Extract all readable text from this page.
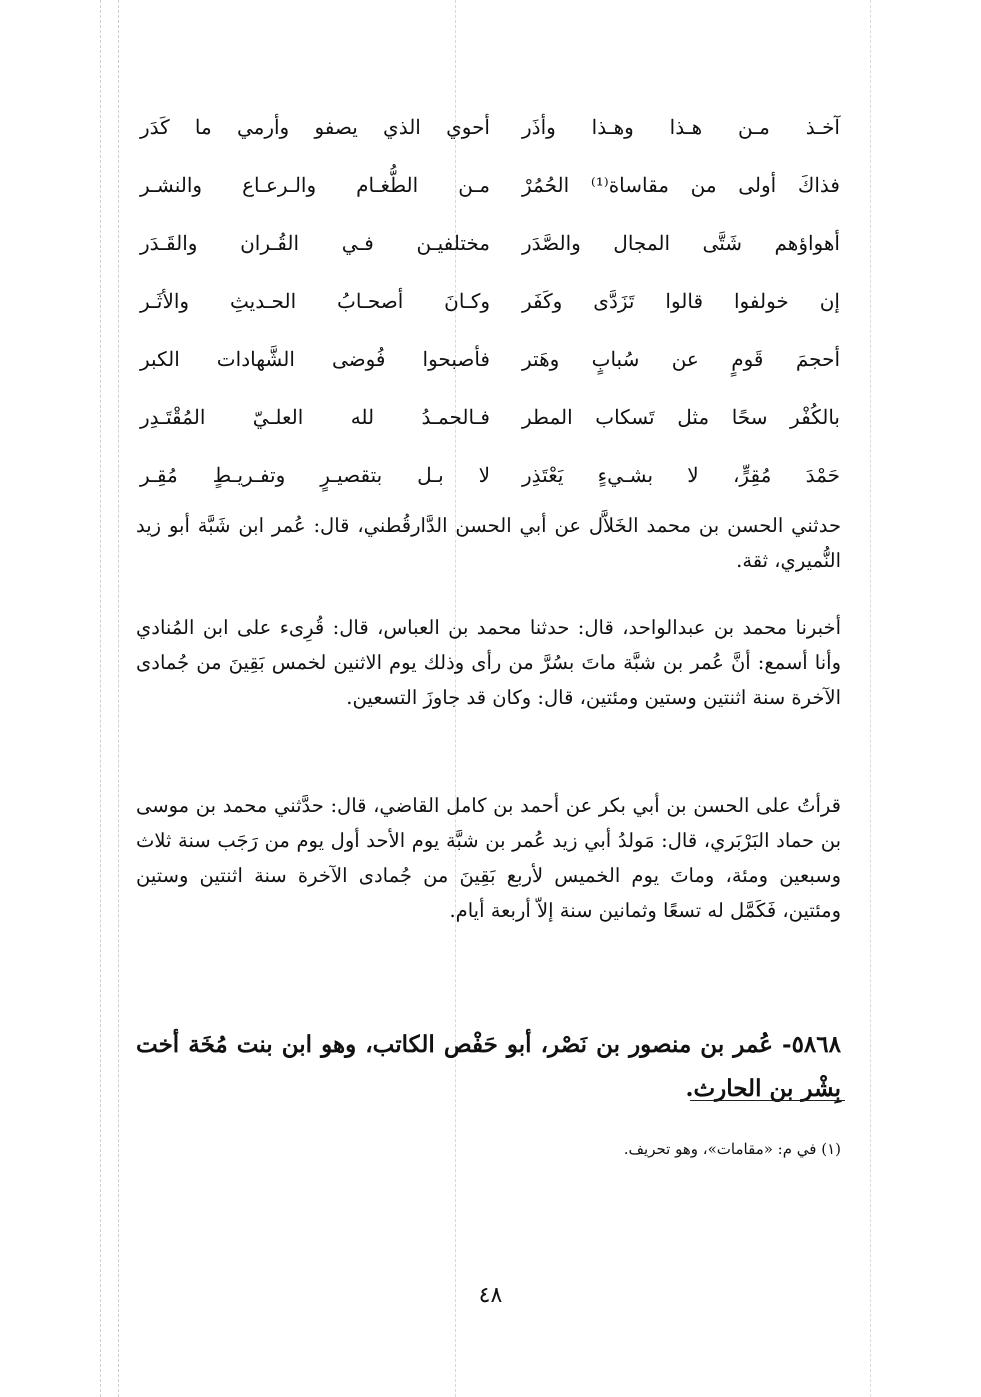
آخـذ مـن هـذا وهـذا وأذَر
أحوي الذي يصفو وأرمي ما كَدَر
فذاكَ أولى من مقاساة⁽¹⁾ الحُمُرْ
مـن الطُّغـام والـرعـاع والنشـر
أهواؤهم شَتَّى المجال والصَّدَر
مختلفيـن فـي القُـران والقَـدَر
إن خولفوا قالوا تَزَدَّى وكَفَر
وكـانَ أصحـابُ الحـديثِ والأثَـر
أحجمَ قَومٍ عن سُبابٍ وهَتر
فأصبحوا فُوضى الشَّهادات الكبر
بالكُفْر سحًا مثل تَسكاب المطر
فـالحمـدُ لله العلـيّ المُقْتَـدِر
حَمْدَ مُقِرٍّ، لا بشـيءٍ يَعْتَذِر
لا بـل بتقصيـرٍ وتفـريـطٍ مُقِـر

حدثني الحسن بن محمد الخَلاَّل عن أبي الحسن الدَّارقُطني، قال: عُمر ابن شَبَّة أبو زيد النُّميري، ثقة.

أخبرنا محمد بن عبدالواحد، قال: حدثنا محمد بن العباس، قال: قُرِىء على ابن المُنادي وأنا أسمع: أنَّ عُمر بن شبَّة ماتَ بسُرَّ من رأى وذلك يوم الاثنين لخمس بَقِينَ من جُمادى الآخرة سنة اثنتين وستين ومئتين، قال: وكان قد جاوزَ التسعين.

قرأتُ على الحسن بن أبي بكر عن أحمد بن كامل القاضي، قال: حدَّثني محمد بن موسى بن حماد البَرْبَري، قال: مَولدُ أبي زيد عُمر بن شبَّة يوم الأحد أول يوم من رَجَب سنة ثلاث وسبعين ومئة، وماتَ يوم الخميس لأربع بَقِينَ من جُمادى الآخرة سنة اثنتين وستين ومئتين، فَكَمَّل له تسعًا وثمانين سنة إلاّ أربعة أيام.

٥٨٦٨- عُمر بن منصور بن نَصْر، أبو حَفْص الكاتب، وهو ابن بنت مُخَة أخت بِشْر بن الحارث.

(١) في م: «مقامات»، وهو تحريف.

٤٨
